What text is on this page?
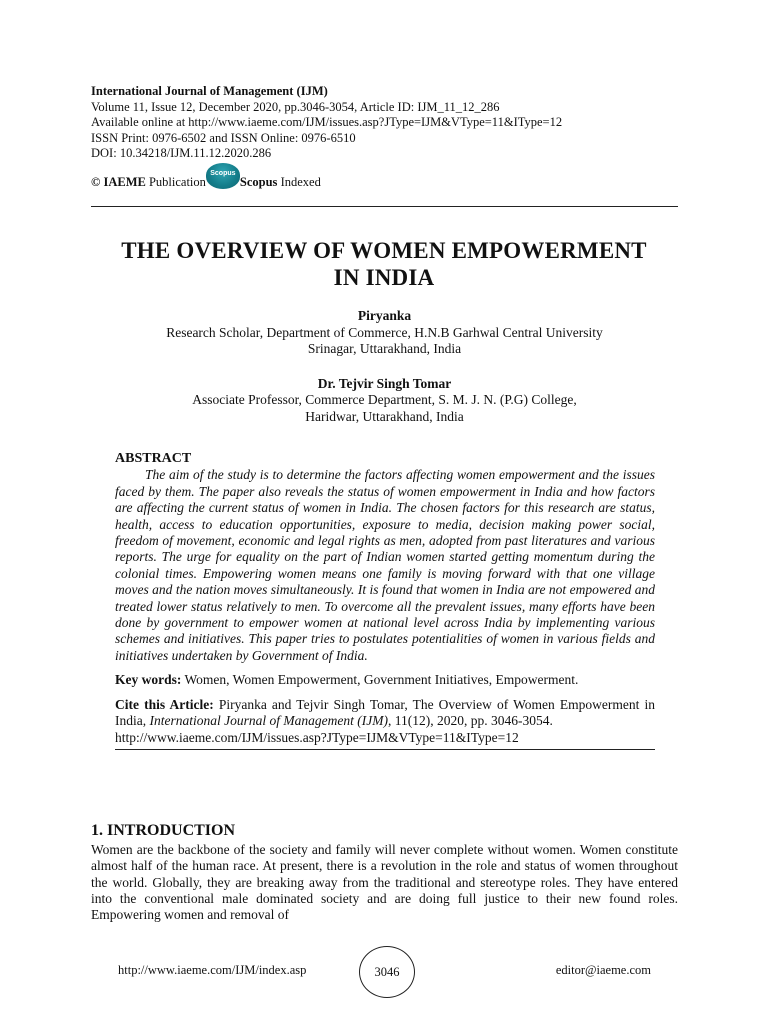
International Journal of Management (IJM)
Volume 11, Issue 12, December 2020, pp.3046-3054, Article ID: IJM_11_12_286
Available online at http://www.iaeme.com/IJM/issues.asp?JType=IJM&VType=11&IType=12
ISSN Print: 0976-6502 and ISSN Online: 0976-6510
DOI: 10.34218/IJM.11.12.2020.286
© IAEME Publication
Scopus
Scopus Indexed
THE OVERVIEW OF WOMEN EMPOWERMENT
IN INDIA
Piryanka
Research Scholar, Department of Commerce, H.N.B Garhwal Central University
Srinagar, Uttarakhand, India
Dr. Tejvir Singh Tomar
Associate Professor, Commerce Department, S. M. J. N. (P.G) College,
Haridwar, Uttarakhand, India
ABSTRACT

The aim of the study is to determine the factors affecting women empowerment and the issues faced by them. The paper also reveals the status of women empowerment in India and how factors are affecting the current status of women in India. The chosen factors for this research are status, health, access to education opportunities, exposure to media, decision making power social, freedom of movement, economic and legal rights as men, adopted from past literatures and various reports. The urge for equality on the part of Indian women started getting momentum during the colonial times. Empowering women means one family is moving forward with that one village moves and the nation moves simultaneously. It is found that women in India are not empowered and treated lower status relatively to men. To overcome all the prevalent issues, many efforts have been done by government to empower women at national level across India by implementing various schemes and initiatives. This paper tries to postulates potentialities of women in various fields and initiatives undertaken by Government of India.

Key words: Women, Women Empowerment, Government Initiatives, Empowerment.
Cite this Article: Piryanka and Tejvir Singh Tomar, The Overview of Women Empowerment in India, International Journal of Management (IJM), 11(12), 2020, pp. 3046-3054.
http://www.iaeme.com/IJM/issues.asp?JType=IJM&VType=11&IType=12
1. INTRODUCTION

Women are the backbone of the society and family will never complete without women. Women constitute almost half of the human race. At present, there is a revolution in the role and status of women throughout the world. Globally, they are breaking away from the traditional and stereotype roles. They have entered into the conventional male dominated society and are doing full justice to their new found roles. Empowering women and removal of

http://www.iaeme.com/IJM/index.asp	3046	editor@iaeme.com
